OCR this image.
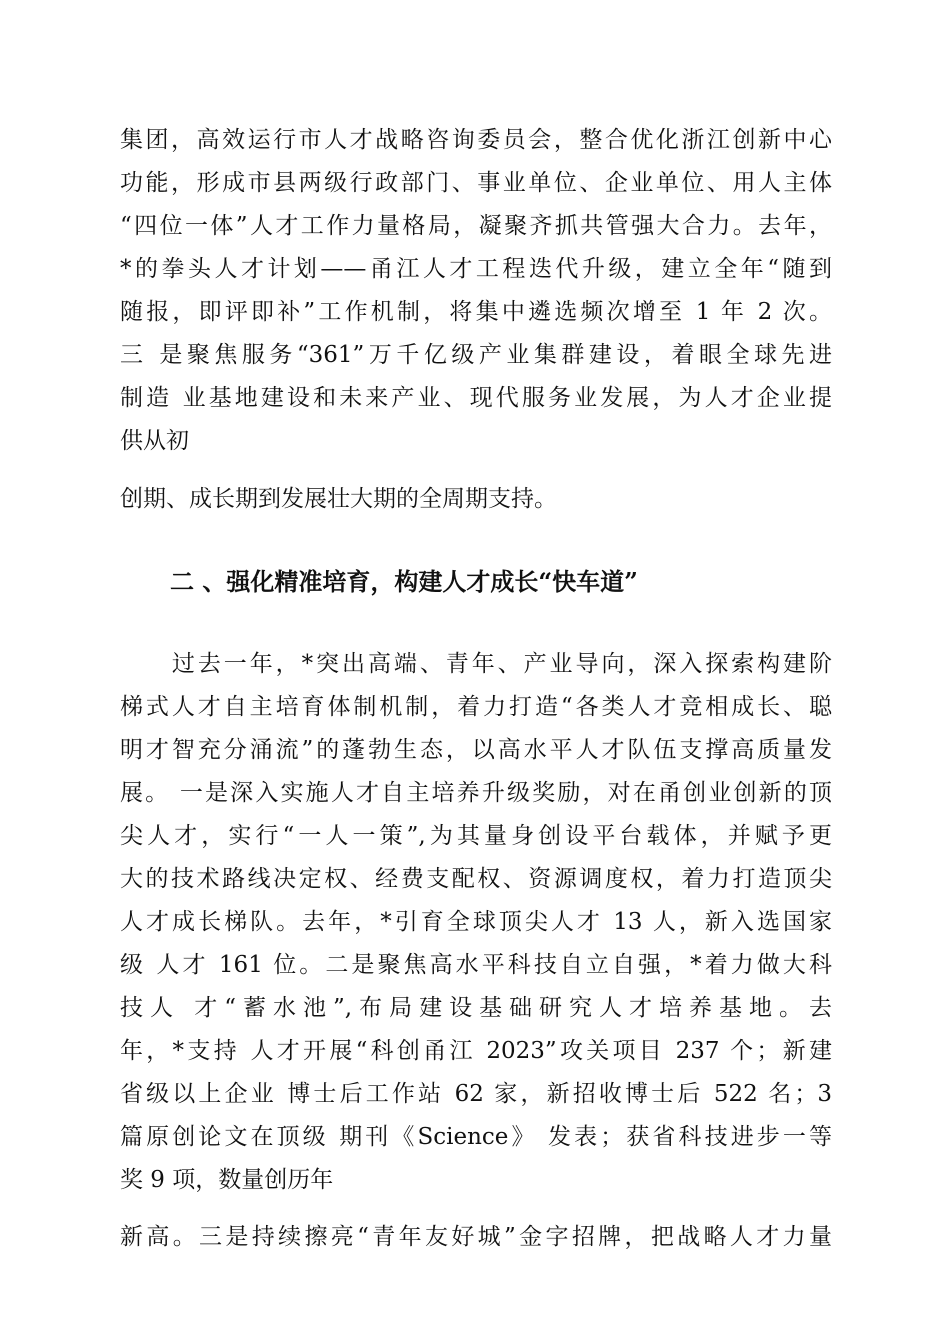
集团，高效运行市人才战略咨询委员会，整合优化浙江创新中心
功能，形成市县两级行政部门、事业单位、企业单位、用人主体
“四位一体”人才工作力量格局，凝聚齐抓共管强大合力。去年，
*的拳头人才计划——甬江人才工程迭代升级，建立全年“随到
随报，即评即补”工作机制，将集中遴选频次增至 1 年 2 次。
三 是聚焦服务“361”万千亿级产业集群建设，着眼全球先进
制造 业基地建设和未来产业、现代服务业发展，为人才企业提
供从初
创期、成长期到发展壮大期的全周期支持。
二 、强化精准培育，构建人才成长“快车道”
　　过去一年，*突出高端、青年、产业导向，深入探索构建阶
梯式人才自主培育体制机制，着力打造“各类人才竞相成长、聪
明才智充分涌流”的蓬勃生态，以高水平人才队伍支撑高质量发
展。 一是深入实施人才自主培养升级奖励，对在甬创业创新的顶
尖人才，实行“一人一策”,为其量身创设平台载体，并赋予更
大的技术路线决定权、经费支配权、资源调度权，着力打造顶尖
人才成长梯队。去年，*引育全球顶尖人才 13 人，新入选国家
级 人才 161 位。二是聚焦高水平科技自立自强，*着力做大科
技人 才“蓄水池”,布局建设基础研究人才培养基地。去
年，*支持 人才开展“科创甬江 2023”攻关项目 237 个；新建
省级以上企业 博士后工作站 62 家，新招收博士后 522 名；3
篇原创论文在顶级 期刊《Science》 发表；获省科技进步一等
奖 9 项，数量创历年
新高。三是持续擦亮“青年友好城”金字招牌，把战略人才力量
